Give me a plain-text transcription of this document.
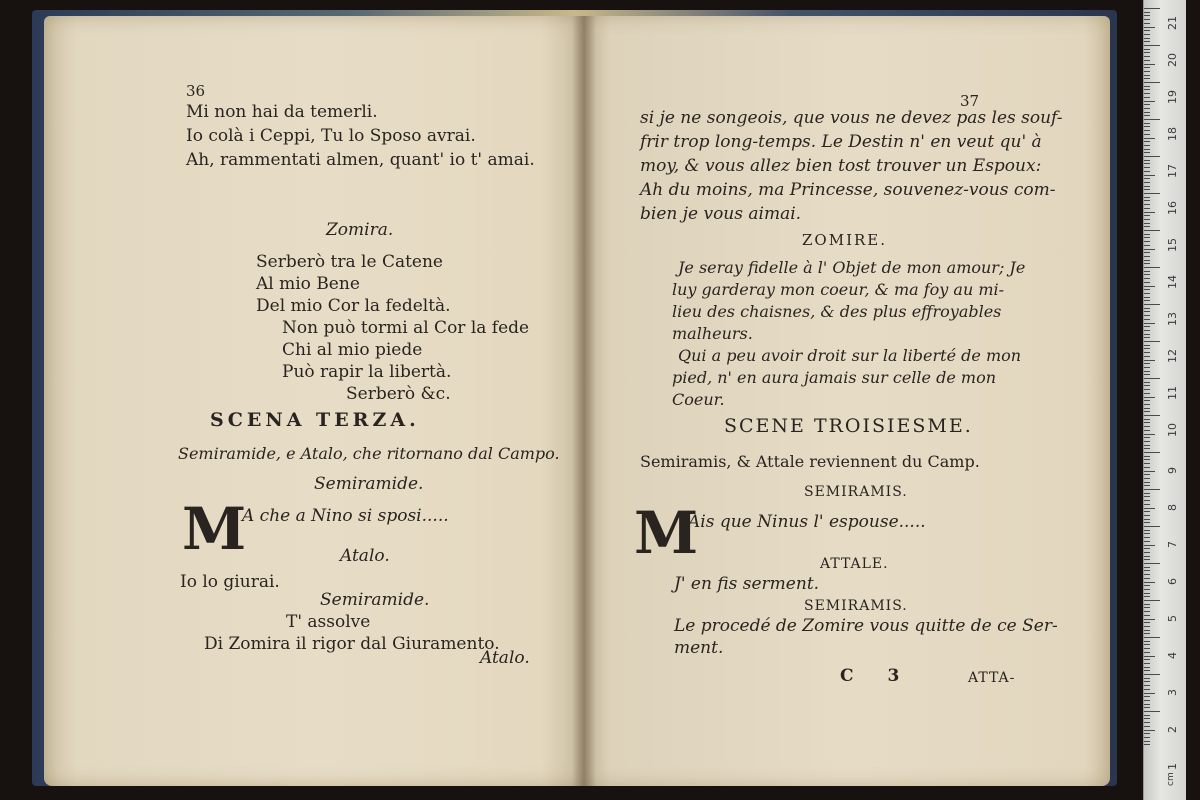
36
Mi non hai da temerli.
Io colà i Ceppi, Tu lo Sposo avrai.
Ah, rammentati almen, quant' io t' amai.
Zomira.
Serberò tra le Catene
Al mio Bene
Del mio Cor la fedeltà.
Non può tormi al Cor la fede
Chi al mio piede
Può rapir la libertà.
Serberò &c.
SCENA TERZA.
Semiramide, e Atalo, che ritornano dal Campo.
Semiramide.
M
A che a Nino si sposi.....
Atalo.
Io lo giurai.
Semiramide.
T' assolve
Di Zomira il rigor dal Giuramento.
Atalo.
37
si je ne songeois, que vous ne devez pas les souf-
frir trop long-temps. Le Destin n' en veut qu' à
moy, & vous allez bien tost trouver un Espoux:
Ah du moins, ma Princesse, souvenez-vous com-
bien je vous aimai.
ZOMIRE.
Je seray fidelle à l' Objet de mon amour; Je
luy garderay mon coeur, & ma foy au mi-
lieu des chaisnes, & des plus effroyables
malheurs.
Qui a peu avoir droit sur la liberté de mon
pied, n' en aura jamais sur celle de mon
Coeur.
SCENE TROISIESME.
Semiramis, & Attale reviennent du Camp.
SEMIRAMIS.
M
Ais que Ninus l' espouse.....
ATTALE.
J' en fis serment.
SEMIRAMIS.
Le procedé de Zomire vous quitte de ce Ser-
ment.
C 3	ATTA-
21
20
19
18
17
16
15
14
13
12
11
10
9
8
7
6
5
4
3
2
1
cm
